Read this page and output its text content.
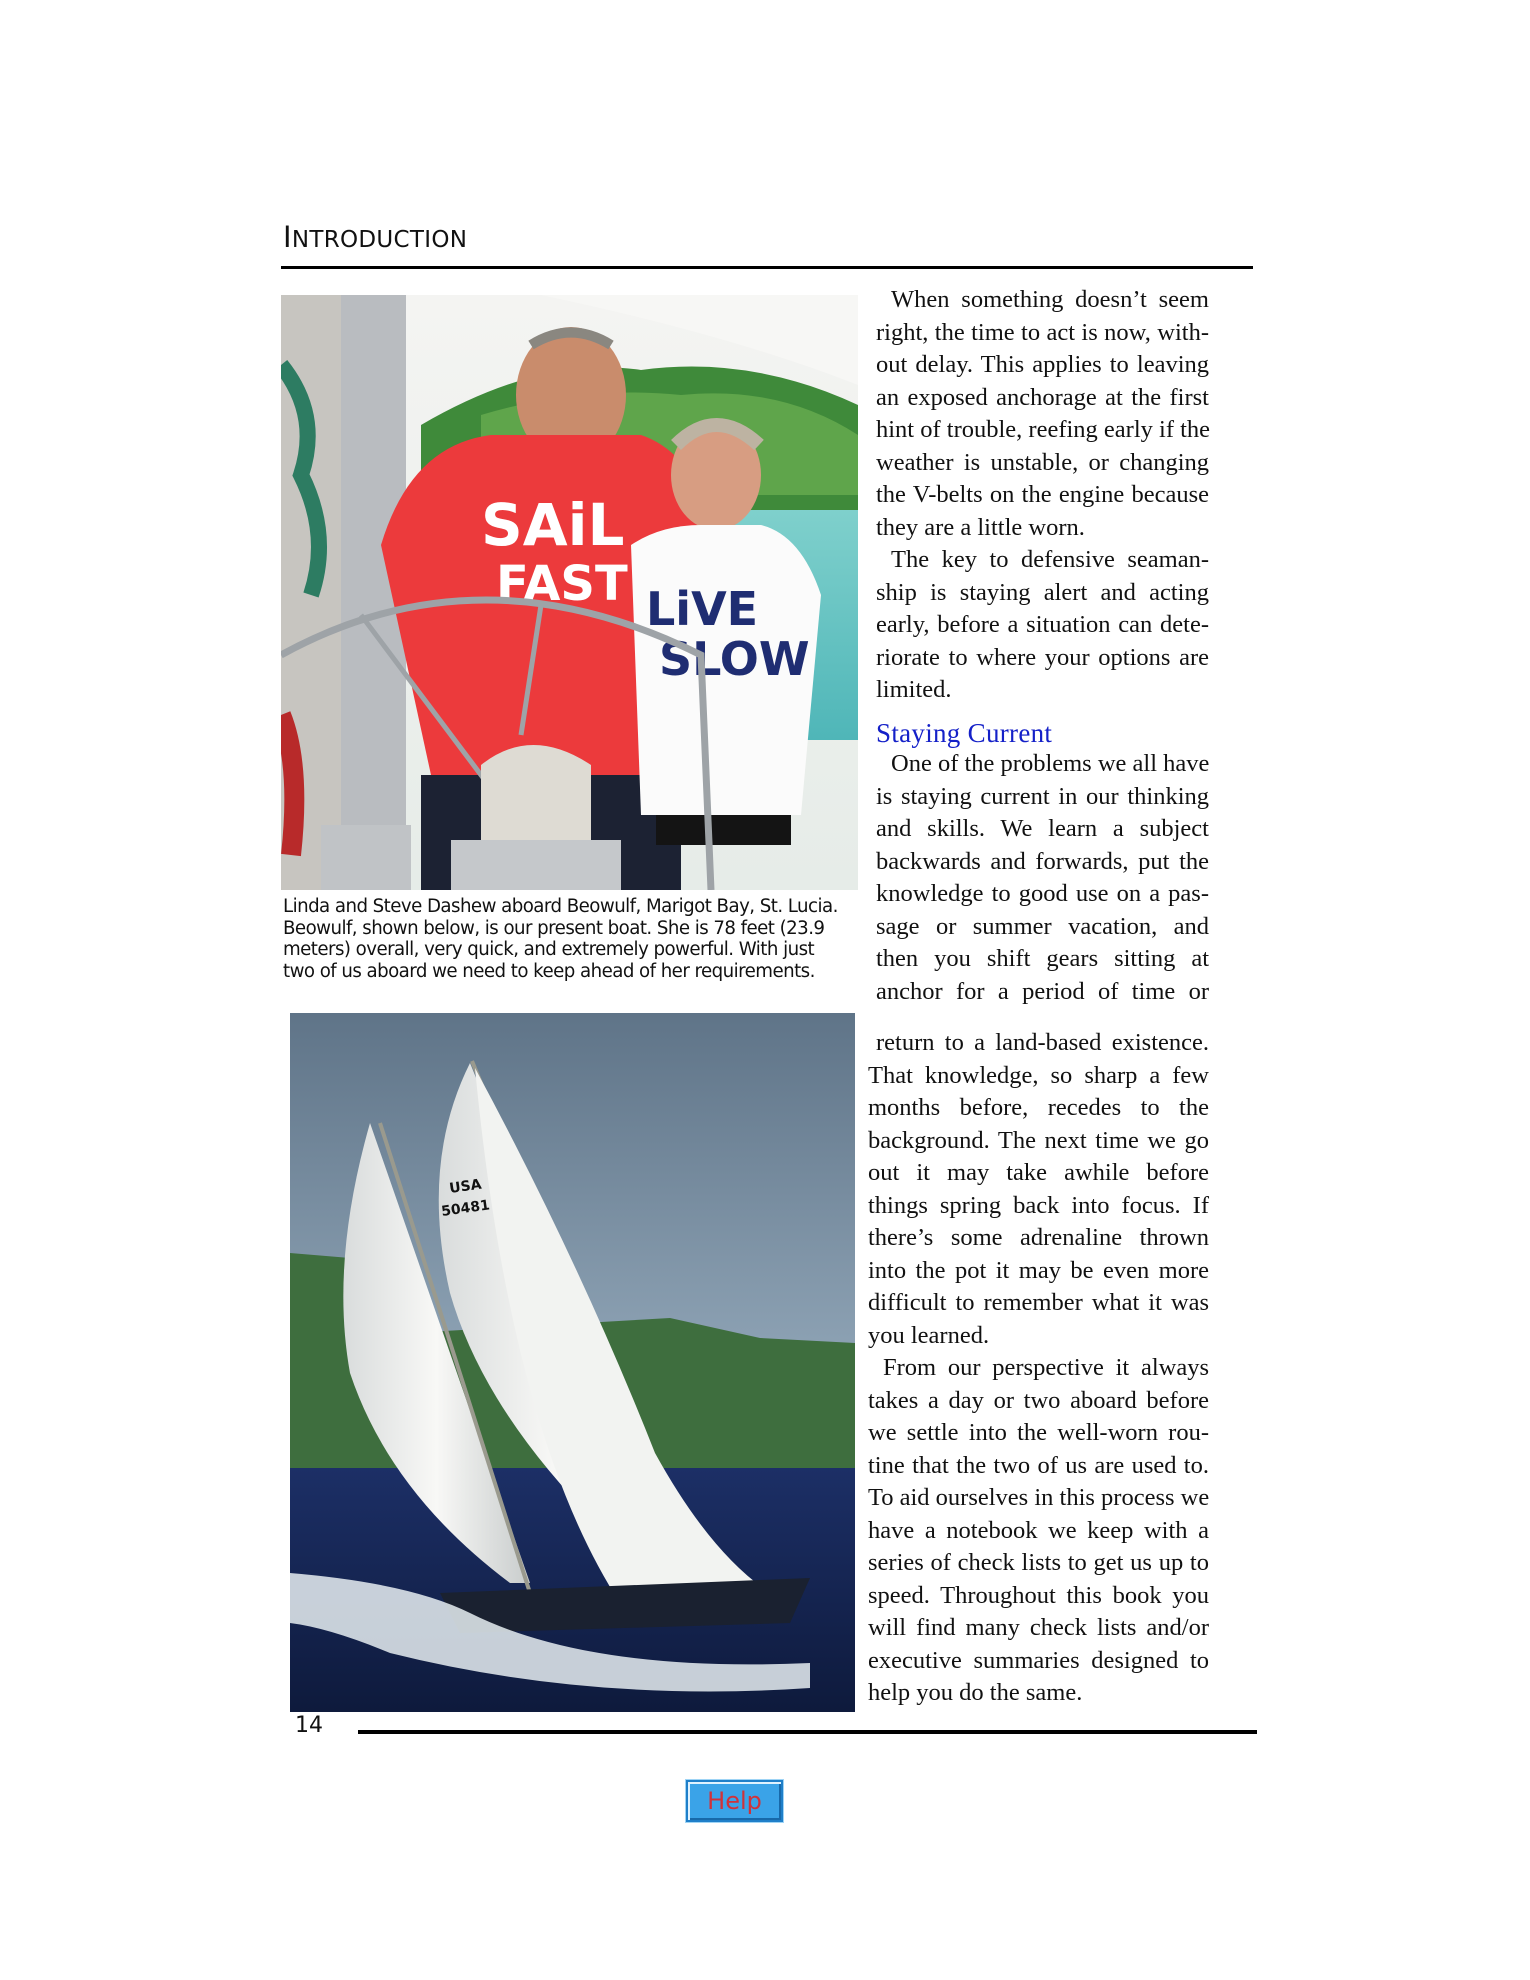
INTRODUCTION
SAiL
FAST LiVE
SLOW
Linda and Steve Dashew aboard Beowulf, Marigot Bay, St. Lucia.
Beowulf, shown below, is our present boat. She is 78 feet (23.9
meters) overall, very quick, and extremely powerful. With just
two of us aboard we need to keep ahead of her requirements.
USA
50481
When something doesn’t seem
right, the time to act is now, with-
out delay. This applies to leaving
an exposed anchorage at the first
hint of trouble, reefing early if the
weather is unstable, or changing
the V-belts on the engine because
they are a little worn.
The key to defensive seaman-
ship is staying alert and acting
early, before a situation can dete-
riorate to where your options are
limited.
Staying Current
One of the problems we all have
is staying current in our thinking
and skills. We learn a subject
backwards and forwards, put the
knowledge to good use on a pas-
sage or summer vacation, and
then you shift gears sitting at
anchor for a period of time or
return to a land-based existence.
That knowledge, so sharp a few
months before, recedes to the
background. The next time we go
out it may take awhile before
things spring back into focus. If
there’s some adrenaline thrown
into the pot it may be even more
difficult to remember what it was
you learned.
From our perspective it always
takes a day or two aboard before
we settle into the well-worn rou-
tine that the two of us are used to.
To aid ourselves in this process we
have a notebook we keep with a
series of check lists to get us up to
speed. Throughout this book you
will find many check lists and/or
executive summaries designed to
help you do the same.
14
Help
